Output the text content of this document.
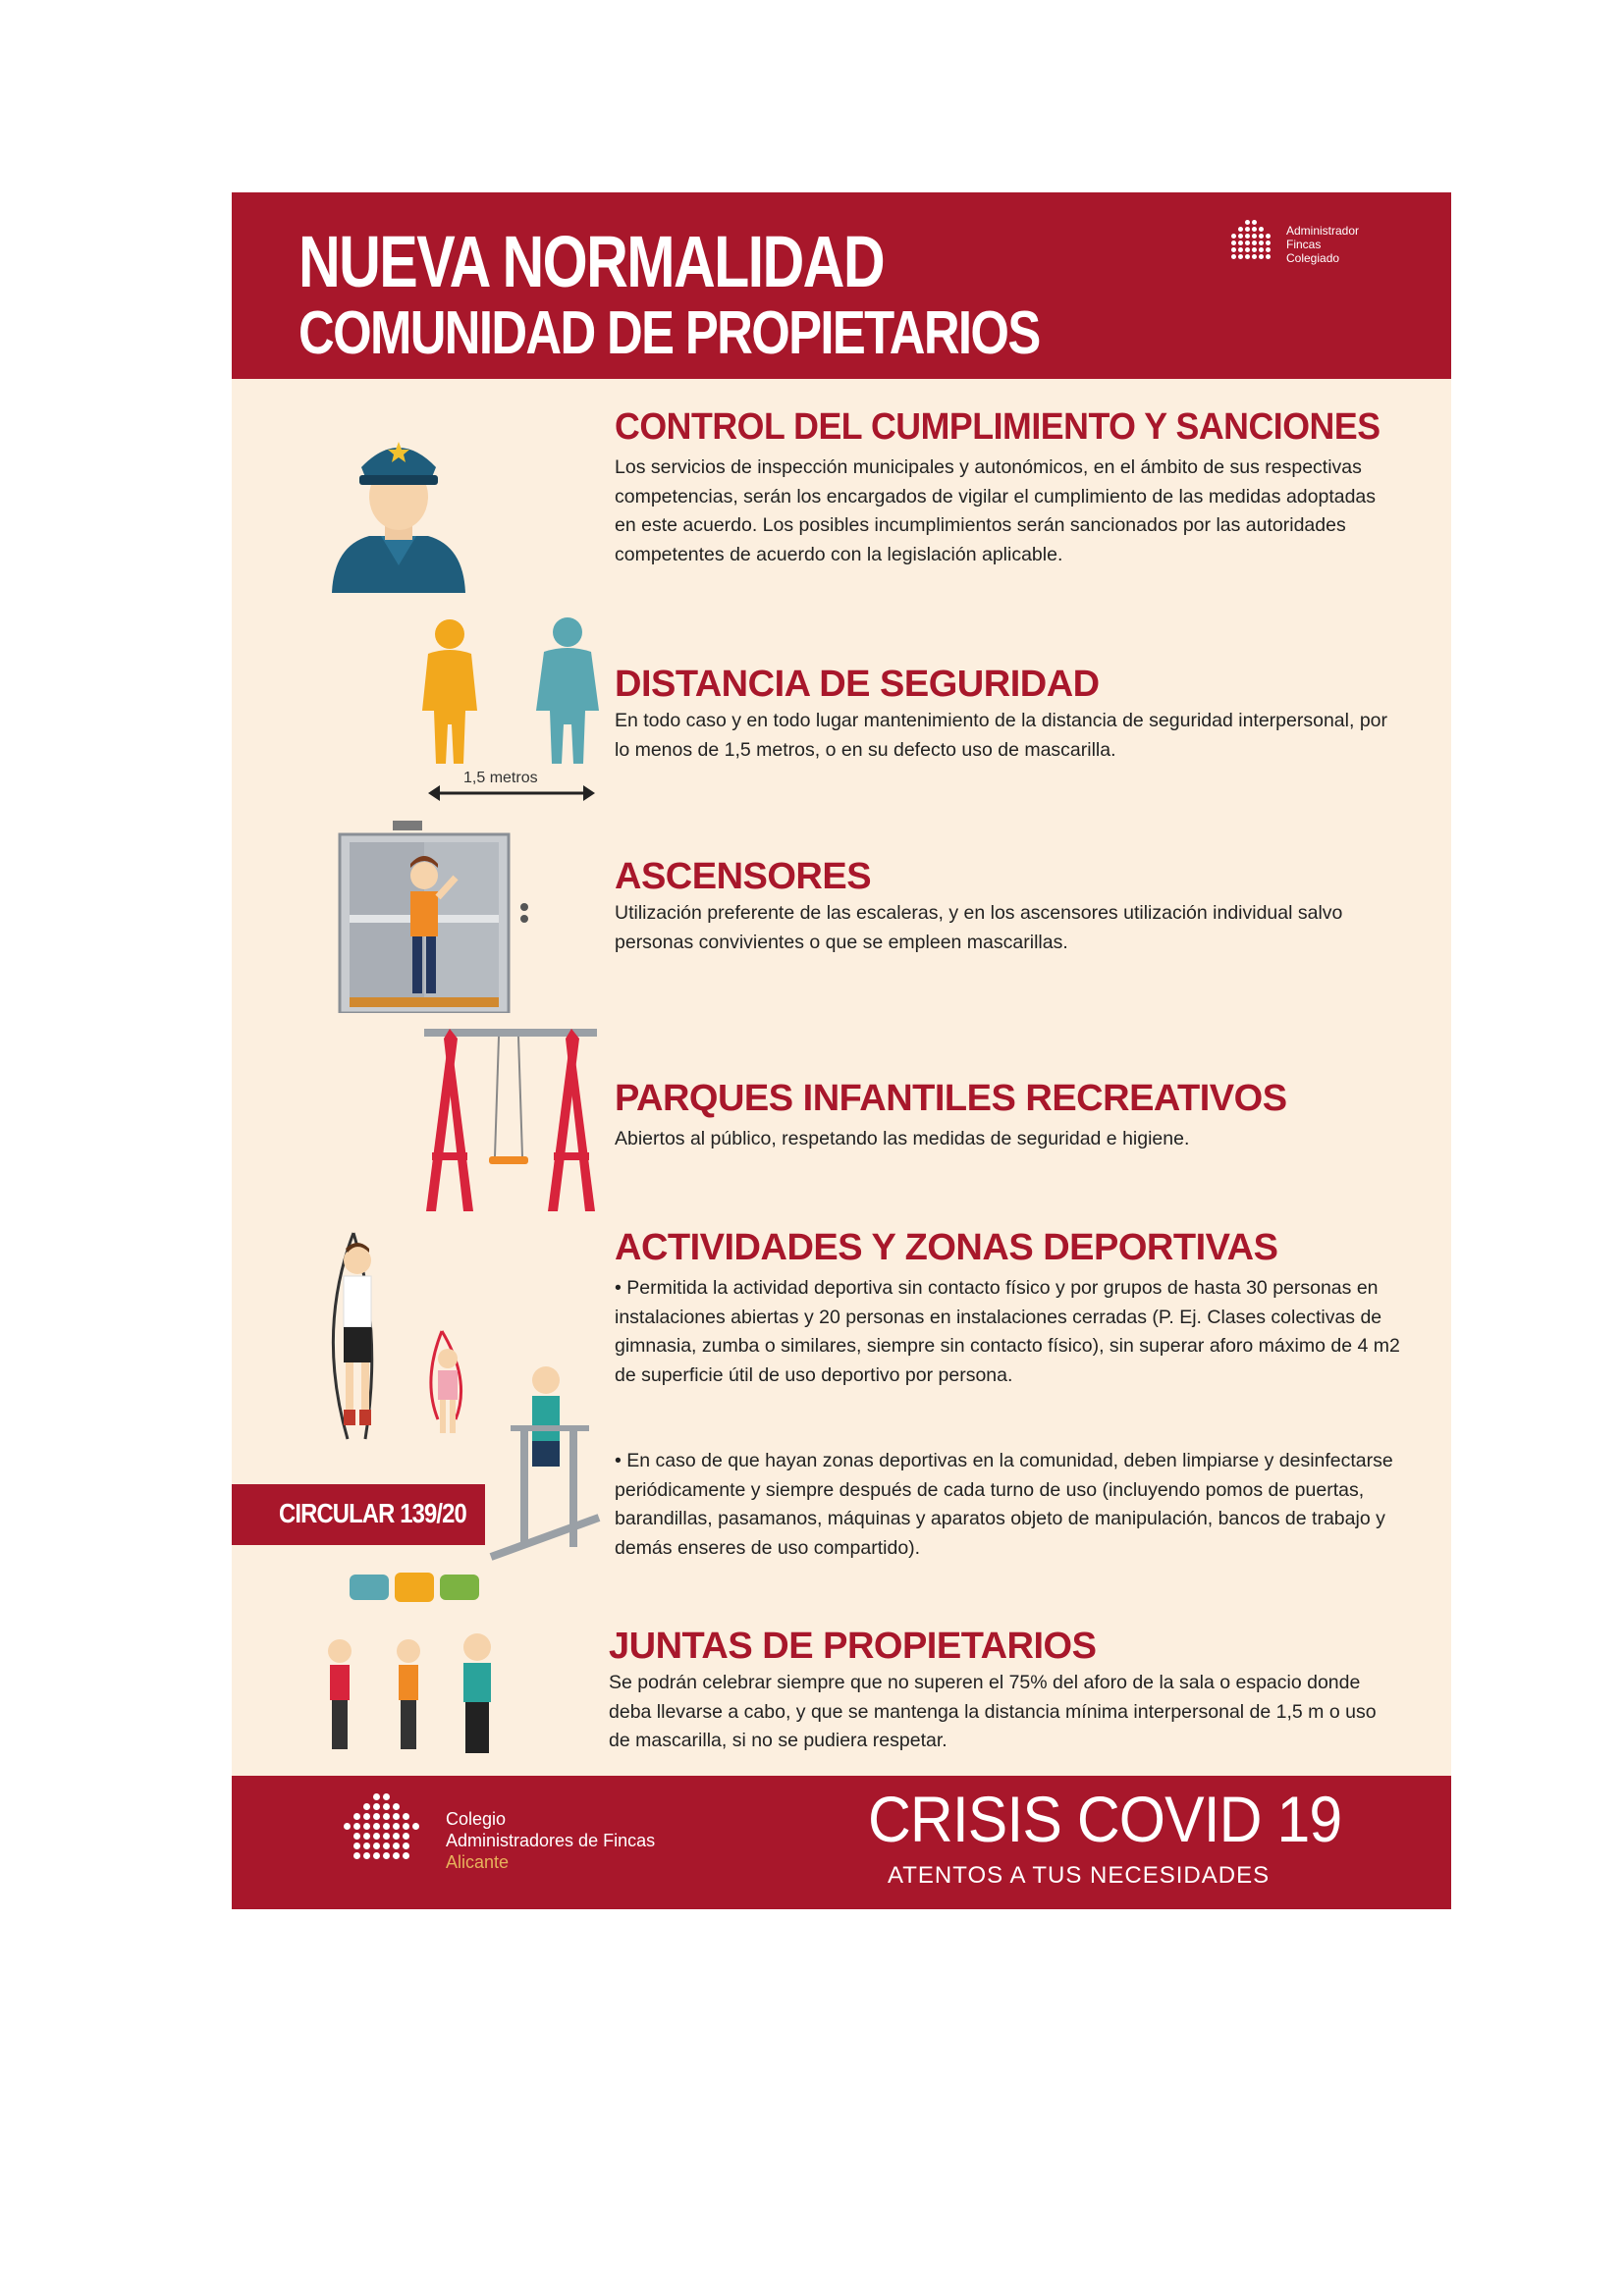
NUEVA NORMALIDAD
COMUNIDAD DE PROPIETARIOS
Administrador
Fincas
Colegiado
CONTROL DEL CUMPLIMIENTO Y SANCIONES

Los servicios de inspección municipales y autonómicos, en el ámbito de sus respectivas competencias, serán los encargados de vigilar el cumplimiento de las medidas adoptadas en este acuerdo. Los posibles incumplimientos serán sancionados por las autoridades competentes de acuerdo con la legislación aplicable.

1,5 metros
DISTANCIA DE SEGURIDAD

En todo caso y en todo lugar mantenimiento de la distancia de seguridad interpersonal, por lo menos de 1,5 metros, o en su defecto uso de mascarilla.

ASCENSORES

Utilización preferente de las escaleras, y en los ascensores utilización individual salvo personas convivientes o que se empleen mascarillas.

PARQUES INFANTILES RECREATIVOS

Abiertos al público, respetando las medidas de seguridad e higiene.

CIRCULAR 139/20
ACTIVIDADES Y ZONAS DEPORTIVAS

• Permitida la actividad deportiva sin contacto físico y por grupos de hasta 30 personas en instalaciones abiertas y 20 personas en instalaciones cerradas (P. Ej. Clases colectivas de gimnasia, zumba o similares, siempre sin contacto físico), sin superar aforo máximo de 4 m2 de superficie útil de uso deportivo por persona.

• En caso de que hayan zonas deportivas en la comunidad, deben limpiarse y desinfectarse periódicamente y siempre después de cada turno de uso (incluyendo pomos de puertas, barandillas, pasamanos, máquinas y aparatos objeto de manipulación, bancos de trabajo y demás enseres de uso compartido).

JUNTAS DE PROPIETARIOS

Se podrán celebrar siempre que no superen el 75% del aforo de la sala o espacio donde deba llevarse a cabo, y que se mantenga la distancia mínima interpersonal de 1,5 m o uso de mascarilla, si no se pudiera respetar.

Colegio
Administradores de Fincas
Alicante
CRISIS COVID 19
ATENTOS A TUS NECESIDADES
